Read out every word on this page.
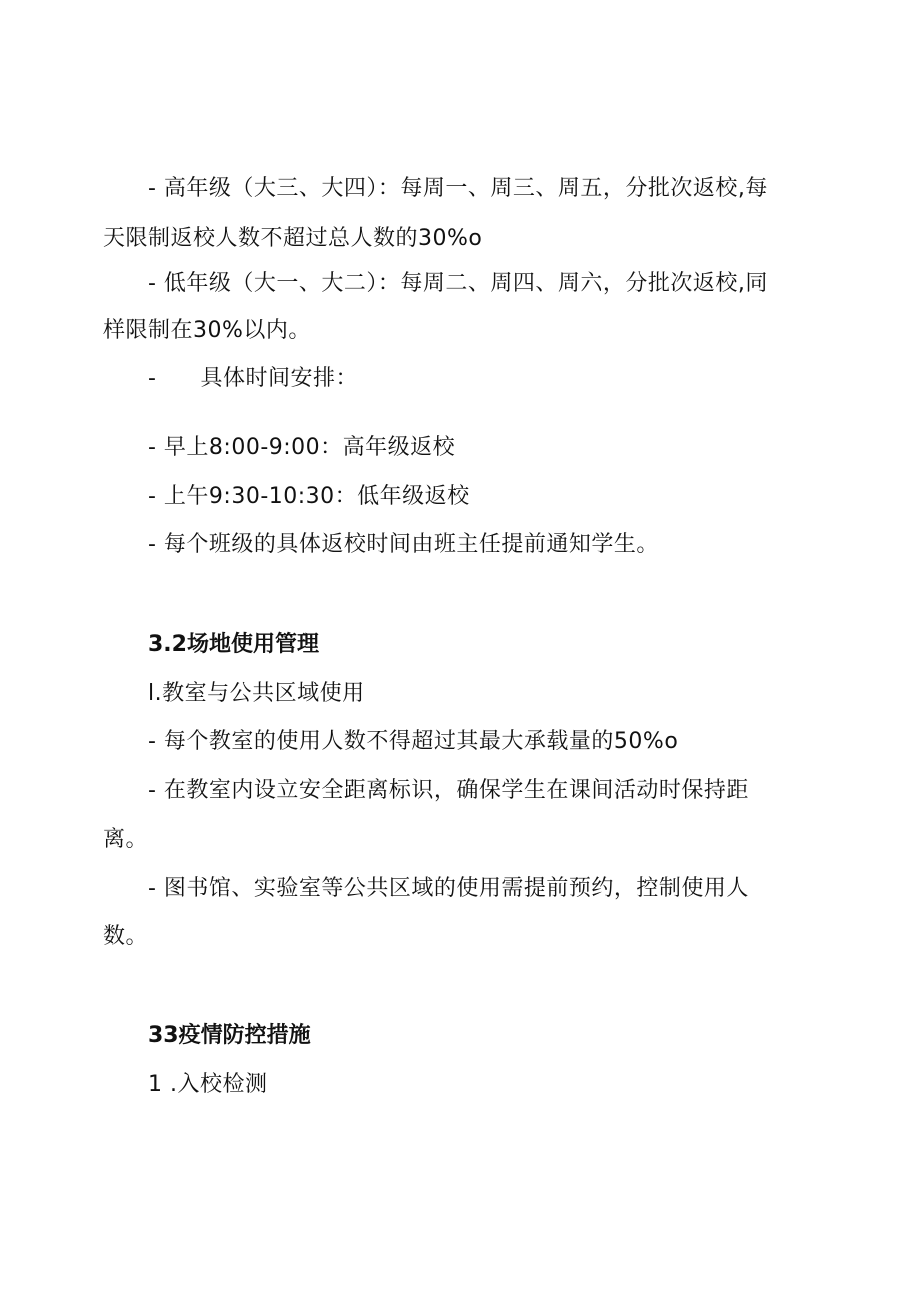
- 高年级（大三、大四）：每周一、周三、周五，分批次返校,每
天限制返校人数不超过总人数的30%o
- 低年级（大一、大二）：每周二、周四、周六，分批次返校,同
样限制在30%以内。
- 具体时间安排：
- 早上8:00-9:00：高年级返校
- 上午9:30-10:30：低年级返校
- 每个班级的具体返校时间由班主任提前通知学生。
3.2场地使用管理
l.教室与公共区域使用
- 每个教室的使用人数不得超过其最大承载量的50%o
- 在教室内设立安全距离标识，确保学生在课间活动时保持距
离。
- 图书馆、实验室等公共区域的使用需提前预约，控制使用人
数。
33疫情防控措施
1 .入校检测
